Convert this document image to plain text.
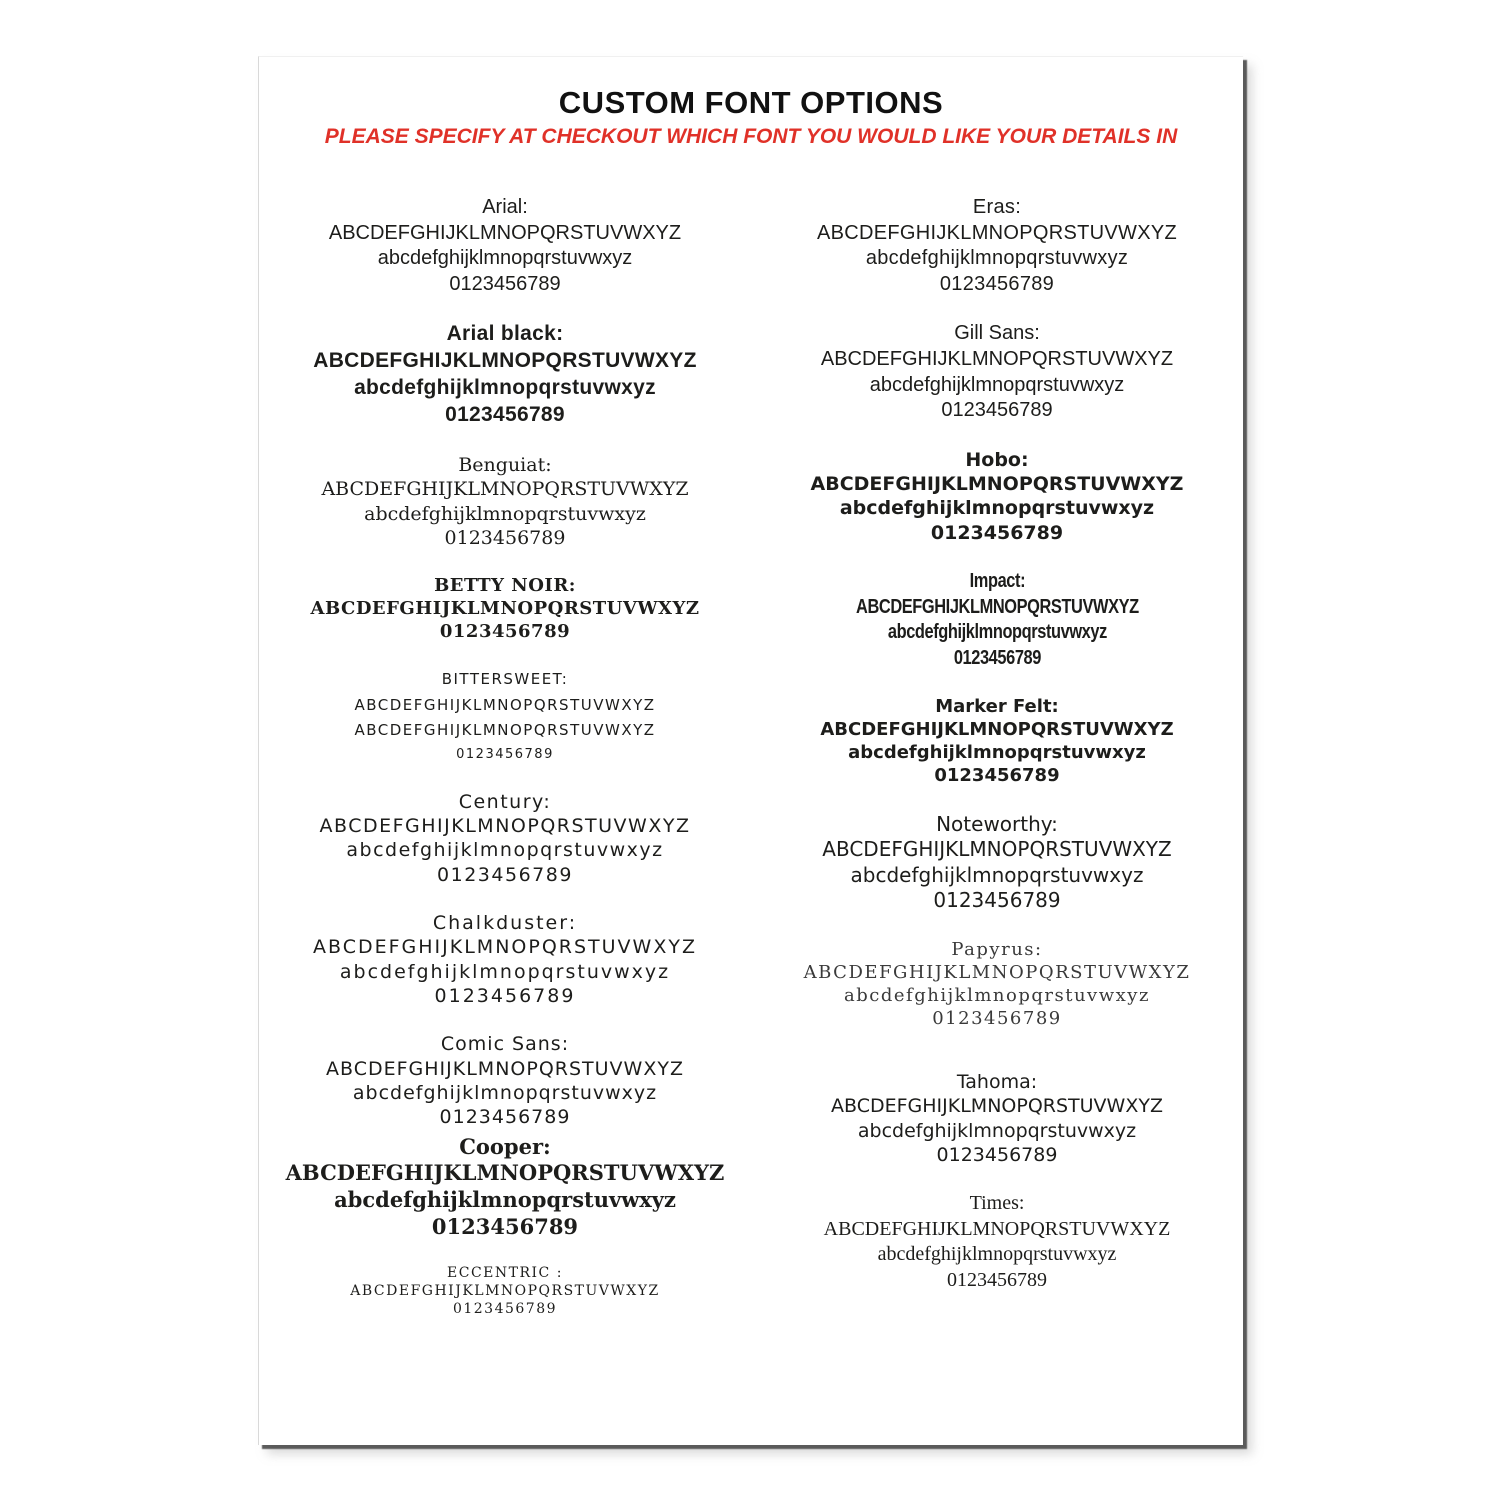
CUSTOM FONT OPTIONS
PLEASE SPECIFY AT CHECKOUT WHICH FONT YOU WOULD LIKE YOUR DETAILS IN
Arial:
ABCDEFGHIJKLMNOPQRSTUVWXYZ
abcdefghijklmnopqrstuvwxyz
0123456789
Arial black:
ABCDEFGHIJKLMNOPQRSTUVWXYZ
abcdefghijklmnopqrstuvwxyz
0123456789
Benguiat:
ABCDEFGHIJKLMNOPQRSTUVWXYZ
abcdefghijklmnopqrstuvwxyz
0123456789
BETTY NOIR:
ABCDEFGHIJKLMNOPQRSTUVWXYZ
0123456789
BITTERSWEET:
ABCDEFGHIJKLMNOPQRSTUVWXYZ
ABCDEFGHIJKLMNOPQRSTUVWXYZ
0123456789
Century:
ABCDEFGHIJKLMNOPQRSTUVWXYZ
abcdefghijklmnopqrstuvwxyz
0123456789
Chalkduster:
ABCDEFGHIJKLMNOPQRSTUVWXYZ
abcdefghijklmnopqrstuvwxyz
0123456789
Comic Sans:
ABCDEFGHIJKLMNOPQRSTUVWXYZ
abcdefghijklmnopqrstuvwxyz
0123456789
Cooper:
ABCDEFGHIJKLMNOPQRSTUVWXYZ
abcdefghijklmnopqrstuvwxyz
0123456789
ECCENTRIC :
ABCDEFGHIJKLMNOPQRSTUVWXYZ
0123456789
Eras:
ABCDEFGHIJKLMNOPQRSTUVWXYZ
abcdefghijklmnopqrstuvwxyz
0123456789
Gill Sans:
ABCDEFGHIJKLMNOPQRSTUVWXYZ
abcdefghijklmnopqrstuvwxyz
0123456789
Hobo:
ABCDEFGHIJKLMNOPQRSTUVWXYZ
abcdefghijklmnopqrstuvwxyz
0123456789
Impact:
ABCDEFGHIJKLMNOPQRSTUVWXYZ
abcdefghijklmnopqrstuvwxyz
0123456789
Marker Felt:
ABCDEFGHIJKLMNOPQRSTUVWXYZ
abcdefghijklmnopqrstuvwxyz
0123456789
Noteworthy:
ABCDEFGHIJKLMNOPQRSTUVWXYZ
abcdefghijklmnopqrstuvwxyz
0123456789
Papyrus:
ABCDEFGHIJKLMNOPQRSTUVWXYZ
abcdefghijklmnopqrstuvwxyz
0123456789
Tahoma:
ABCDEFGHIJKLMNOPQRSTUVWXYZ
abcdefghijklmnopqrstuvwxyz
0123456789
Times:
ABCDEFGHIJKLMNOPQRSTUVWXYZ
abcdefghijklmnopqrstuvwxyz
0123456789
